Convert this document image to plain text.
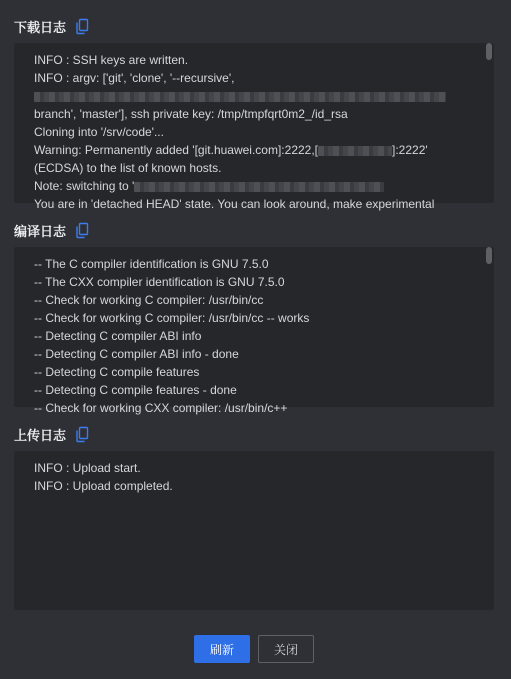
下载日志
INFO : SSH keys are written.
INFO : argv: ['git', 'clone', '--recursive',
branch', 'master'], ssh private key: /tmp/tmpfqrt0m2_/id_rsa
Cloning into '/srv/code'...
Warning: Permanently added '[git.huawei.com]:2222,[	]:2222'
(ECDSA) to the list of known hosts.
Note: switching to '
You are in 'detached HEAD' state. You can look around, make experimental
编译日志
-- The C compiler identification is GNU 7.5.0
-- The CXX compiler identification is GNU 7.5.0
-- Check for working C compiler: /usr/bin/cc
-- Check for working C compiler: /usr/bin/cc -- works
-- Detecting C compiler ABI info
-- Detecting C compiler ABI info - done
-- Detecting C compile features
-- Detecting C compile features - done
-- Check for working CXX compiler: /usr/bin/c++
上传日志
INFO : Upload start.
INFO : Upload completed.
刷新	关闭
